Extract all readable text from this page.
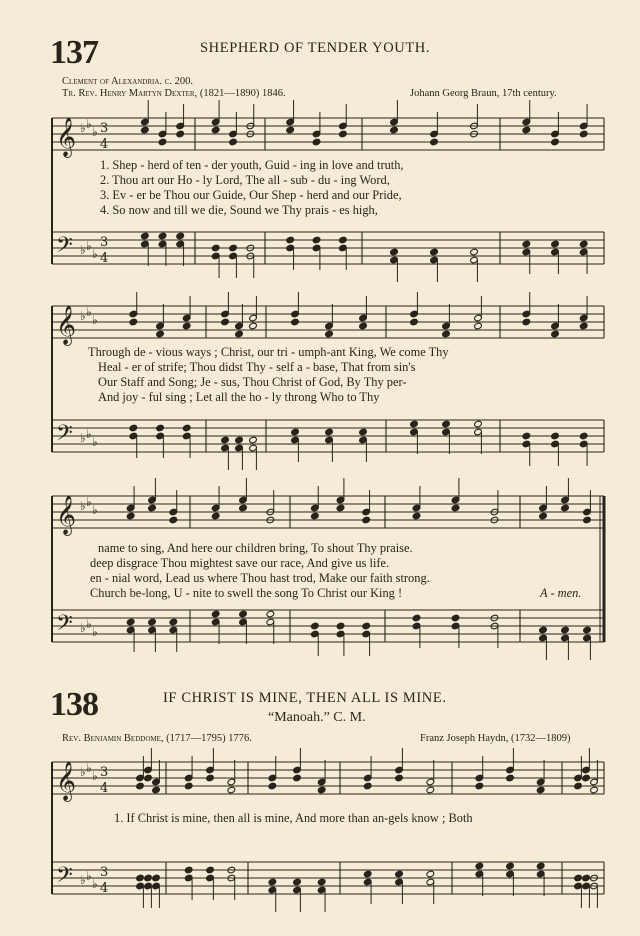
𝄞
𝄢
♭ ♭
♭
♭ ♭
♭
3
4
3
4
𝄞
𝄢
♭ ♭
♭
♭ ♭
♭
𝄞
𝄢
♭ ♭
♭
♭ ♭
♭
𝄞
𝄢
♭ ♭
♭
♭ ♭
♭
3
4
3
4
137	SHEPHERD OF TENDER YOUTH.
Clement of Alexandria. c. 200.
Tr. Rev. Henry Martyn Dexter, (1821—1890) 1846.	Johann Georg Braun, 17th century.
1. Shep - herd of ten - der youth, Guid - ing in love and truth,
2. Thou art our Ho - ly Lord, The all - sub - du - ing Word,
3. Ev - er be Thou our Guide, Our Shep - herd and our Pride,
4. So now and till we die, Sound we Thy prais - es high,
Through de - vious ways ; Christ, our tri - umph-ant King, We come Thy
Heal - er of strife; Thou didst Thy - self a - base, That from sin's
Our Staff and Song; Je - sus, Thou Christ of God, By Thy per-
And joy - ful sing ; Let all the ho - ly throng Who to Thy
name to sing, And here our children bring, To shout Thy praise.
deep disgrace Thou mightest save our race, And give us life.
en - nial word, Lead us where Thou hast trod, Make our faith strong.
Church be-long, U - nite to swell the song To Christ our King !	A - men.
138	IF CHRIST IS MINE, THEN ALL IS MINE.
“Manoah.” C. M.
Rev. Benjamin Beddome, (1717—1795) 1776.	Franz Joseph Haydn, (1732—1809)
1. If Christ is mine, then all is mine, And more than an-gels know ; Both
